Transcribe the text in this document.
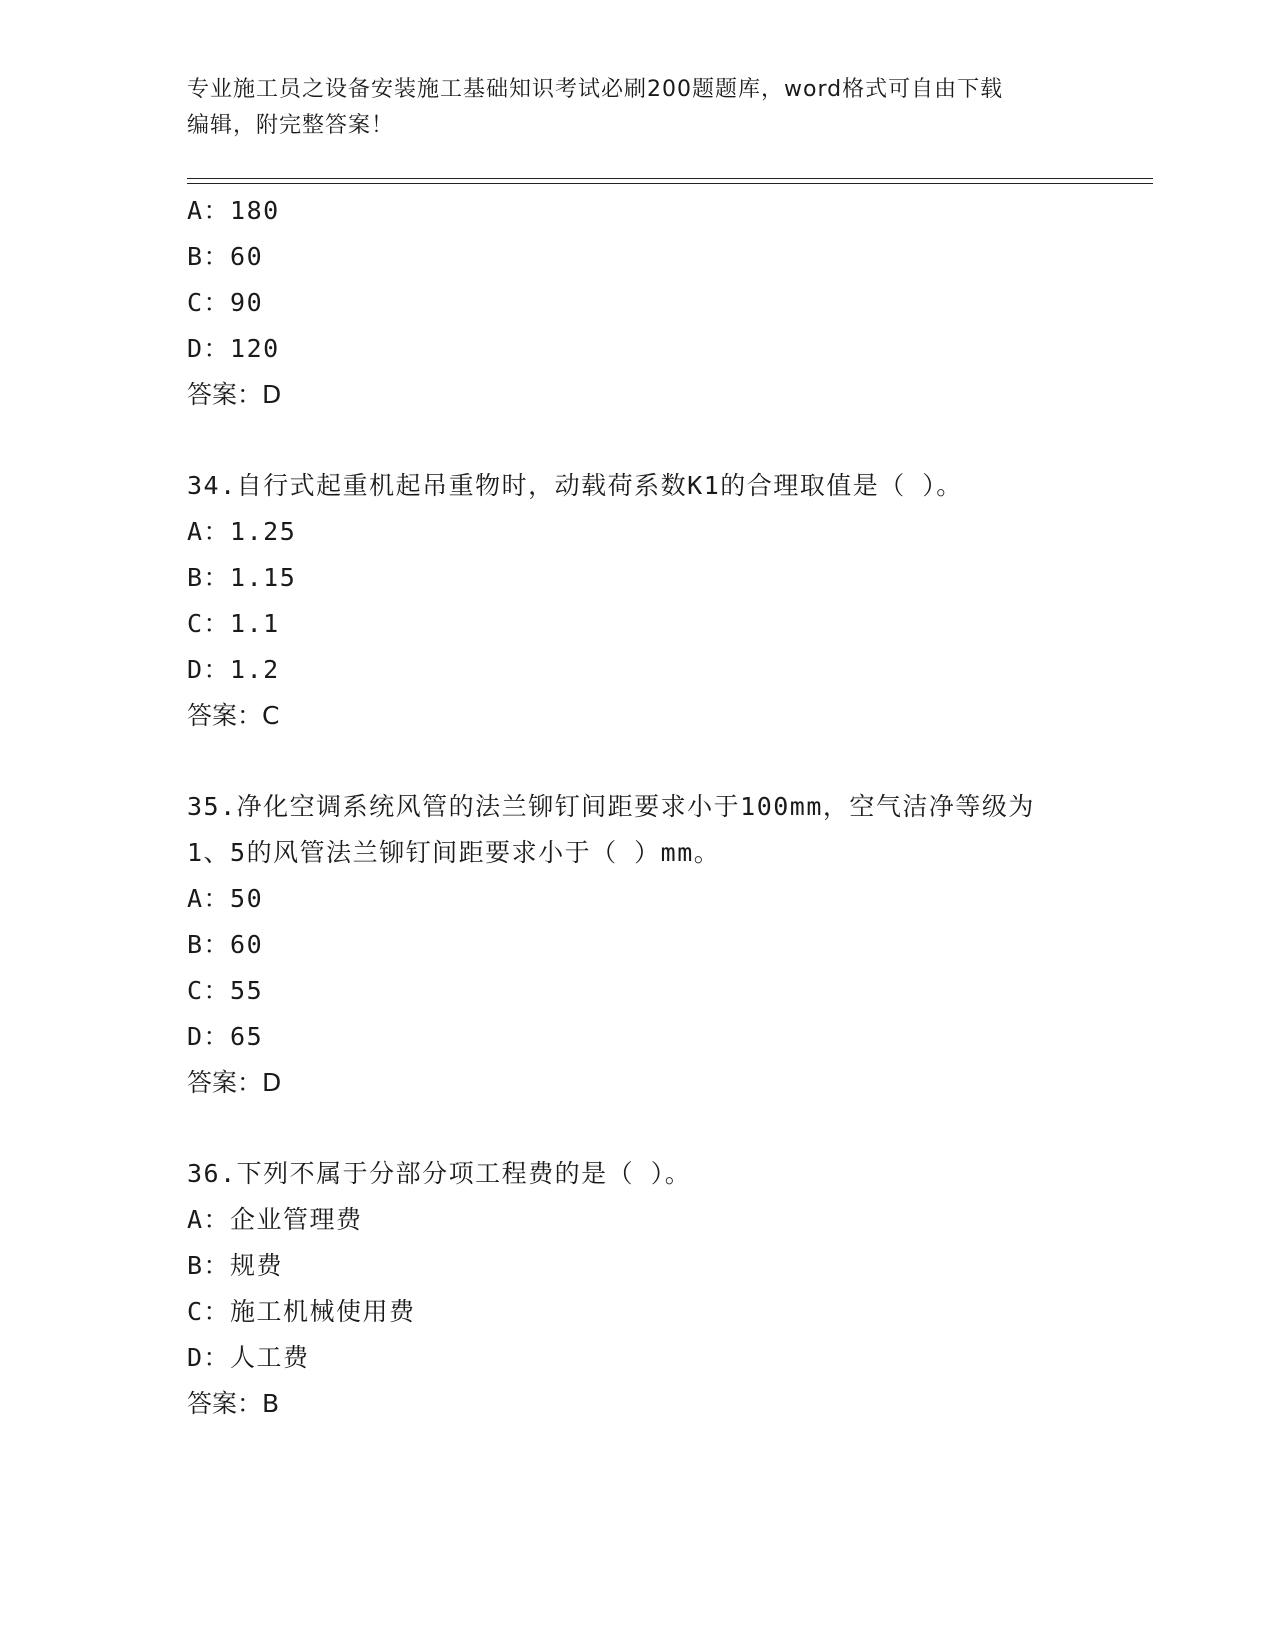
专业施工员之设备安装施工基础知识考试必刷200题题库，word格式可自由下载
编辑，附完整答案！
A：180
B：60
C：90
D：120
答案：D
34.自行式起重机起吊重物时，动载荷系数K1的合理取值是（ ）。
A：1.25
B：1.15
C：1.1
D：1.2
答案：C
35.净化空调系统风管的法兰铆钉间距要求小于100mm，空气洁净等级为1、5的风管法兰铆钉间距要求小于（ ）mm。
A：50
B：60
C：55
D：65
答案：D
36.下列不属于分部分项工程费的是（ ）。
A：企业管理费
B：规费
C：施工机械使用费
D：人工费
答案：B
